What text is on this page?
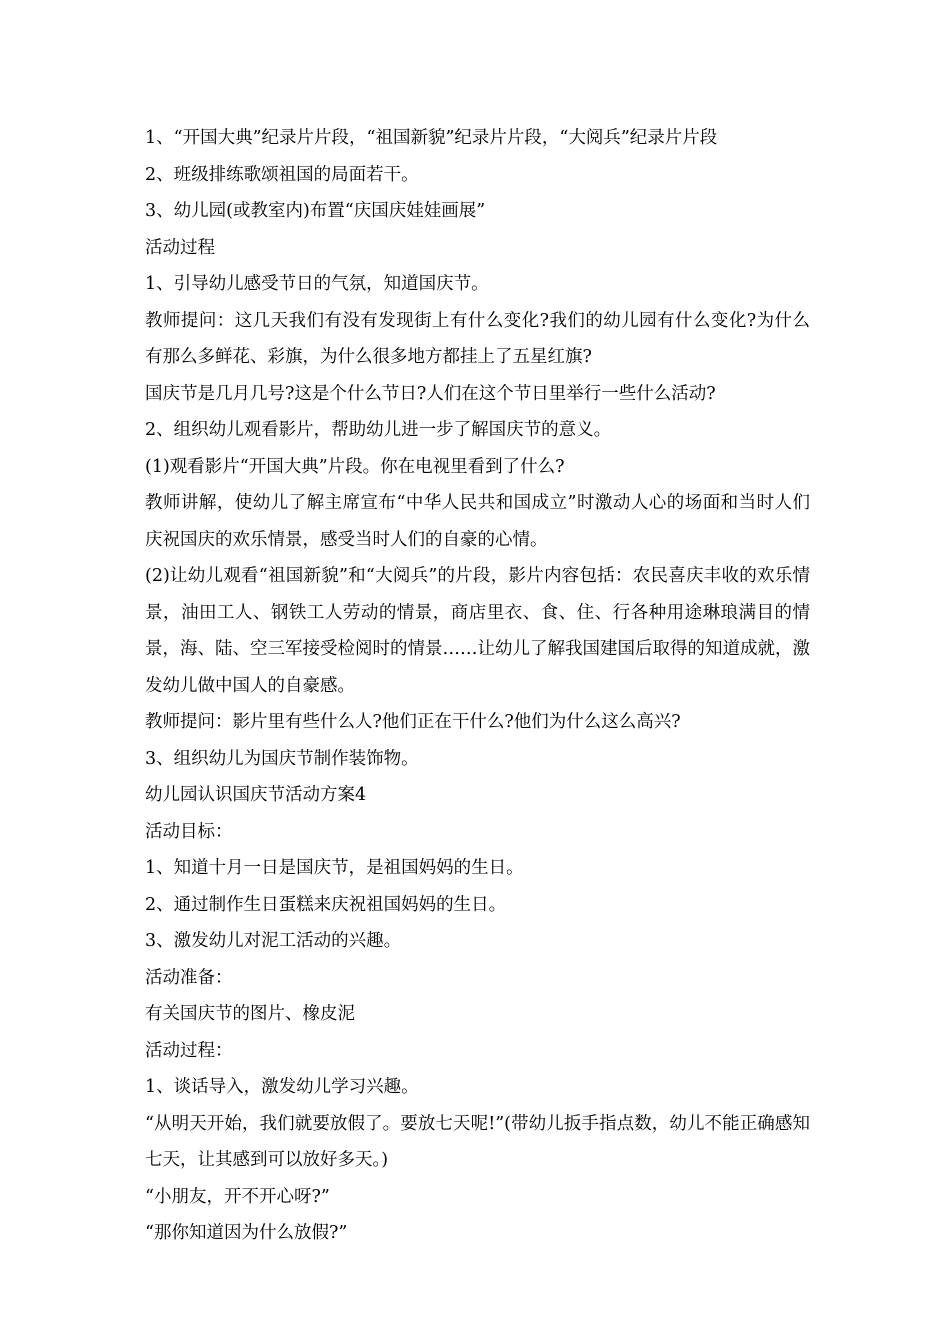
1、“开国大典”纪录片片段，“祖国新貌”纪录片片段，“大阅兵”纪录片片段

2、班级排练歌颂祖国的局面若干。

3、幼儿园(或教室内)布置“庆国庆娃娃画展”

活动过程

1、引导幼儿感受节日的气氛，知道国庆节。

教师提问：这几天我们有没有发现街上有什么变化?我们的幼儿园有什么变化?为什么有那么多鲜花、彩旗，为什么很多地方都挂上了五星红旗?

国庆节是几月几号?这是个什么节日?人们在这个节日里举行一些什么活动?

2、组织幼儿观看影片，帮助幼儿进一步了解国庆节的意义。

(1)观看影片“开国大典”片段。你在电视里看到了什么?

教师讲解，使幼儿了解主席宣布“中华人民共和国成立”时激动人心的场面和当时人们庆祝国庆的欢乐情景，感受当时人们的自豪的心情。

(2)让幼儿观看“祖国新貌”和“大阅兵”的片段，影片内容包括：农民喜庆丰收的欢乐情景，油田工人、钢铁工人劳动的情景，商店里衣、食、住、行各种用途琳琅满目的情景，海、陆、空三军接受检阅时的情景……让幼儿了解我国建国后取得的知道成就，激发幼儿做中国人的自豪感。

教师提问：影片里有些什么人?他们正在干什么?他们为什么这么高兴?

3、组织幼儿为国庆节制作装饰物。

幼儿园认识国庆节活动方案4

活动目标：

1、知道十月一日是国庆节，是祖国妈妈的生日。

2、通过制作生日蛋糕来庆祝祖国妈妈的生日。

3、激发幼儿对泥工活动的兴趣。

活动准备：

有关国庆节的图片、橡皮泥

活动过程：

1、谈话导入，激发幼儿学习兴趣。

“从明天开始，我们就要放假了。要放七天呢!”(带幼儿扳手指点数，幼儿不能正确感知七天，让其感到可以放好多天。)

“小朋友，开不开心呀?”

“那你知道因为什么放假?”
